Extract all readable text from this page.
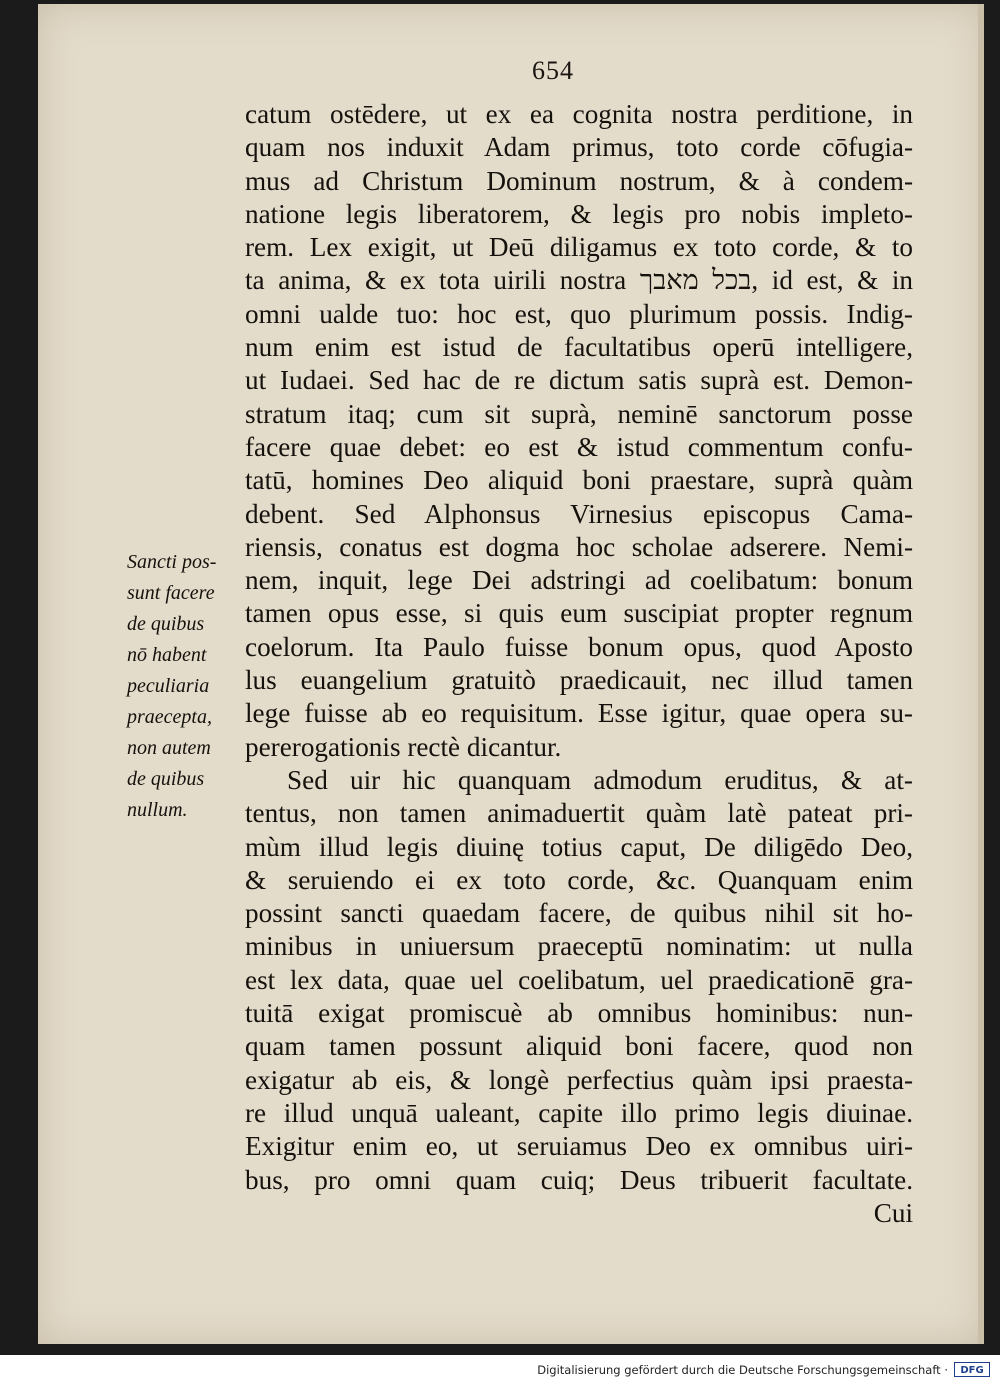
654
catum ostēdere, ut ex ea cognita nostra perditione, in
quam nos induxit Adam primus, toto corde cōfugia-
mus ad Christum Dominum nostrum, & à condem-
natione legis liberatorem, & legis pro nobis impleto-
rem. Lex exigit, ut Deū diligamus ex toto corde, & to
ta anima, & ex tota uirili nostra בכל מאבך, id est, & in
omni ualde tuo: hoc est, quo plurimum possis. Indig-
num enim est istud de facultatibus operū intelligere,
ut Iudaei. Sed hac de re dictum satis suprà est. Demon-
stratum itaq; cum sit suprà, neminē sanctorum posse
facere quae debet: eo est & istud commentum confu-
tatū, homines Deo aliquid boni praestare, suprà quàm
debent. Sed Alphonsus Virnesius episcopus Cama-
riensis, conatus est dogma hoc scholae adserere. Nemi-
nem, inquit, lege Dei adstringi ad coelibatum: bonum
tamen opus esse, si quis eum suscipiat propter regnum
coelorum. Ita Paulo fuisse bonum opus, quod Aposto
lus euangelium gratuitò praedicauit, nec illud tamen
lege fuisse ab eo requisitum. Esse igitur, quae opera su-
pererogationis rectè dicantur.
Sed uir hic quanquam admodum eruditus, & at-
tentus, non tamen animaduertit quàm latè pateat pri-
mùm illud legis diuinę totius caput, De diligēdo Deo,
& seruiendo ei ex toto corde, &c. Quanquam enim
possint sancti quaedam facere, de quibus nihil sit ho-
minibus in uniuersum praeceptū nominatim: ut nulla
est lex data, quae uel coelibatum, uel praedicationē gra-
tuitā exigat promiscuè ab omnibus hominibus: nun-
quam tamen possunt aliquid boni facere, quod non
exigatur ab eis, & longè perfectius quàm ipsi praesta-
re illud unquā ualeant, capite illo primo legis diuinae.
Exigitur enim eo, ut seruiamus Deo ex omnibus uiri-
bus, pro omni quam cuiq; Deus tribuerit facultate.
Cui
Sancti pos-
sunt facere
de quibus
nō habent
peculiaria
praecepta,
non autem
de quibus
nullum.
Digitalisierung gefördert durch die Deutsche Forschungsgemeinschaft ·	DFG
